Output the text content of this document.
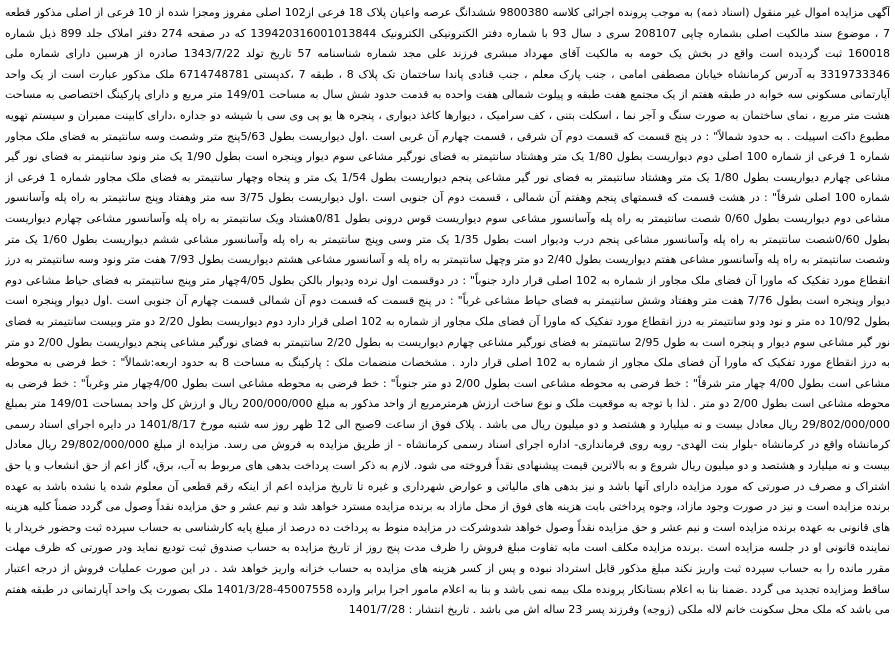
آگهی مزایده اموال غیر منقول (اسناد ذمه) به موجب پرونده اجرائی کلاسه 9800380 ششدانگ عرصه واعیان پلاک 18 فرعی از102 اصلی مفروز ومجزا شده از 10 فرعی از اصلی مذکور قطعه 7 ، موضوع سند مالکیت اصلی بشماره چاپی 208107 سری د سال 93 با شماره دفتر الکترونیکی الکترونیک 139420316001013844 که در صفحه 274 دفتر املاک جلد 899 ذیل شماره 160018 ثبت گردیده است واقع در بخش یک حومه به مالکیت آقای مهرداد مبشری فرزند علی مجد شماره شناسنامه 57 تاریخ تولد 1343/7/22 صادره از هرسین دارای شماره ملی 3319733346 به آدرس کرمانشاه خیابان مصطفی امامی ، جنب پارک معلم ، جنب قنادی پاندا ساختمان تک پلاک 8 ، طبقه 7 ،کدپستی 6714748781 ملک مذکور عبارت است از یک واحد آپارتمانی مسکونی سه خوابه در طبقه هفتم از یک مجتمع هفت طبقه و پیلوت شمالی هفت واحده به قدمت حدود شش سال به مساحت 149/01 متر مربع و دارای پارکینگ اختصاصی به مساحت هشت متر مربع ، نمای ساختمان به صورت سنگ و آجر نما ، اسکلت بتنی ، کف سرامیک ، دیوارها کاغذ دیواری ، پنجره ها یو پی وی سی با شیشه دو جداره ،دارای کابینت ممبران و سیستم تهویه مطبوع داکت اسپیلت . به حدود شمالاً" : در پنج قسمت که قسمت دوم آن شرقی ، قسمت چهارم آن غربی است .اول دیواریست بطول 5/63پنج متر وشصت وسه سانتیمتر به فضای ملک مجاور شماره 1 فرعی از شماره 100 اصلی دوم دیواریست بطول 1/80 یک متر وهشتاد سانتیمتر به فضای نورگیر مشاعی سوم دیوار وپنجره است بطول 1/90 یک متر ونود سانتیمتر به فضای نور گیر مشاعی چهارم دیواریست بطول 1/80 یک متر وهشتاد سانتیمتر به فضای نور گیر مشاعی پنجم دیواریست بطول 1/54 یک متر و پنجاه وچهار سانتیمتر به فضای ملک مجاور شماره 1 فرعی از شماره 100 اصلی شرقاً" : در هشت قسمت که قسمتهای پنجم وهفتم آن شمالی ، قسمت دوم آن جنوبی است .اول دیواریست بطول 3/75 سه متر وهفتاد وپنج سانتیمتر به راه پله وآسانسور مشاعی دوم دیواریست بطول 0/60 شصت سانتیمتر به راه پله وآسانسور مشاعی سوم دیواریست قوس درونی بطول 0/81هشتاد ویک سانتیمتر به راه پله وآسانسور مشاعی چهارم دیواریست بطول 0/60شصت سانتیمتر به راه پله وآسانسور مشاعی پنجم درب ودیوار است بطول 1/35 یک متر وسی وپنج سانتیمتر به راه پله وآسانسور مشاعی ششم دیواریست بطول 1/60 یک متر وشصت سانتیمتر به راه پله وآسانسور مشاعی هفتم دیواریست بطول 2/40 دو متر وچهل سانتیمتر به راه پله و آسانسور مشاعی هشتم دیواریست بطول 7/93 هفت متر ونود وسه سانتیمتر به درز انقطاع مورد تفکیک که ماورا آن فضای ملک مجاور از شماره به 102 اصلی قرار دارد جنوباً" : در دوقسمت اول نرده ودیوار بالکن بطول 4/05چهار متر وپنج سانتیمتر به فضای حیاط مشاعی دوم دیوار وپنجره است بطول 7/76 هفت متر وهفتاد وشش سانتیمتر به فضای حیاط مشاعی غرباً" : در پنج قسمت که قسمت دوم آن شمالی قسمت چهارم آن جنوبی است .اول دیوار وپنجره است بطول 10/92 ده متر و نود ودو سانتیمتر به درز انقطاع مورد تفکیک که ماورا آن فضای ملک مجاور از شماره به 102 اصلی قرار دارد دوم دیواریست بطول 2/20 دو متر وبیست سانتیمتر به فضای نور گیر مشاعی سوم دیوار و پنجره است به طول 2/95 سانتیمتر به فضای نورگیر مشاعی چهارم دیواریست به بطول 2/20 سانتیمتر به فضای نورگیر مشاعی پنجم دیواریست بطول 2/00 دو متر به درز انقطاع مورد تفکیک که ماورا آن فضای ملک مجاور از شماره به 102 اصلی قرار دارد . مشخصات منضمات ملک : پارکینگ به مساحت 8 به حدود اربعه:شمالاً" : خط فرضی به محوطه مشاعی است بطول 4/00 چهار متر شرقاً" : خط فرضی به محوطه مشاعی است بطول 2/00 دو متر جنوباً" : خط فرضی به محوطه مشاعی است بطول 4/00چهار متر وغرباً" : خط فرضی به محوطه مشاعی است بطول 2/00 دو متر . لذا با توجه به موقعیت ملک و نوع ساخت ارزش هرمترمربع از واحد مذکور به مبلغ 200/000/000 ریال و ارزش کل واحد بمساحت 149/01 متر بمبلغ 29/802/000/000 ریال معادل بیست و نه میلیارد و هشتصد و دو میلیون ریال می باشد . پلاک فوق از ساعت 9صبح الی 12 ظهر روز سه شنبه مورخ 1401/8/17 در دایره اجرای اسناد رسمی کرمانشاه واقع در کرمانشاه -بلوار بنت الهدی- روبه روی فرمانداری- اداره اجرای اسناد رسمی کرمانشاه - از طریق مزایده به فروش می رسد. مزایده از مبلغ 29/802/000/000 ریال معادل بیست و نه میلیارد و هشتصد و دو میلیون ریال شروع و به بالاترین قیمت پیشنهادی نقداً فروخته می شود. لازم به ذکر است پرداخت بدهی های مربوط به آب، برق، گاز اعم از حق انشعاب و یا حق اشتراک و مصرف در صورتی که مورد مزایده دارای آنها باشد و نیز بدهی های مالیاتی و عوارض شهرداری و غیره تا تاریخ مزایده اعم از اینکه رقم قطعی آن معلوم شده یا نشده باشد به عهده برنده مزایده است و نیز در صورت وجود مازاد، وجوه پرداختی بابت هزینه های فوق از محل مازاد به برنده مزایده مسترد خواهد شد و نیم عشر و حق مزایده نقداً وصول می گردد ضمناً کلیه هزینه های قانونی به عهده برنده مزایده است و نیم عشر و حق مزایده نقداً وصول خواهد شدوشرکت در مزایده منوط به پرداخت ده درصد از مبلغ پایه کارشناسی به حساب سپرده ثبت وحضور خریدار یا نماینده قانونی او در جلسه مزایده است .برنده مزایده مکلف است مابه تفاوت مبلغ فروش را ظرف مدت پنج روز از تاریخ مزایده به حساب صندوق ثبت تودیع نماید ودر صورتی که ظرف مهلت مقرر مانده را به حساب سپرده ثبت واریز نکند مبلغ مذکور قابل استرداد نبوده و پس از کسر هزینه های مزایده به حساب خزانه واریز خواهد شد . در این صورت عملیات فروش از درجه اعتبار ساقط ومزایده تجدید می گردد .ضمنا بنا به اعلام بستانکار پرونده ملک بیمه نمی باشد و بنا به اعلام مامور اجرا برابر وارده 45007558-1401/3/28 ملک بصورت یک واحد آپارتمانی در طبقه هفتم می باشد که ملک محل سکونت خانم لاله ملکی (زوجه) وفرزند پسر 23 ساله اش می باشد . تاریخ انتشار : 1401/7/28
